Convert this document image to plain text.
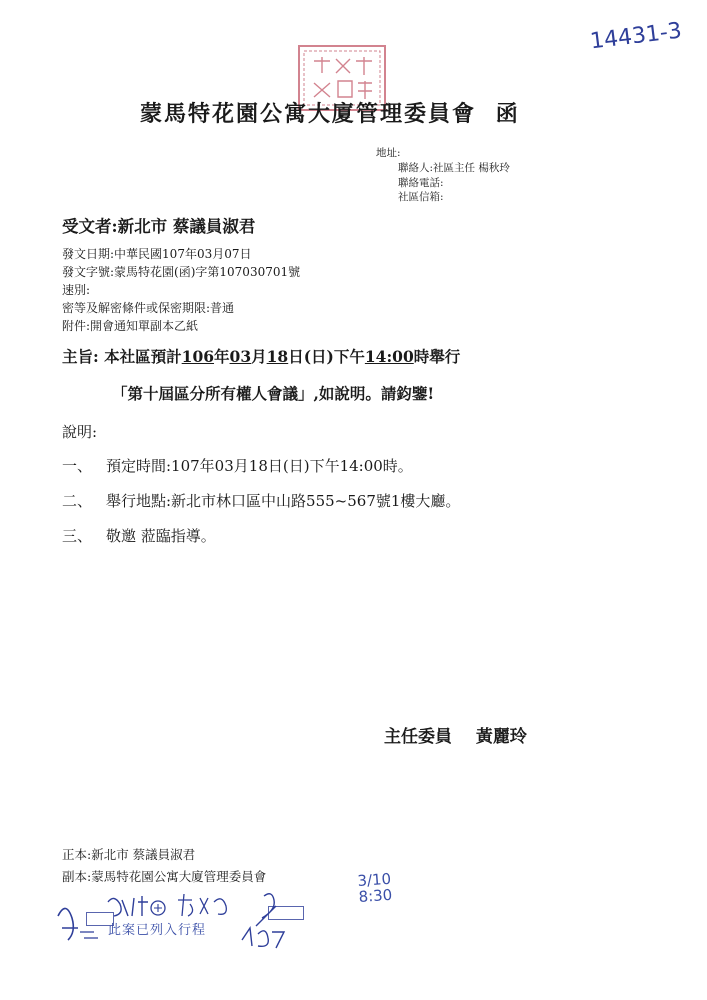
14431-3
蒙馬特花園公寓大廈管理委員會 函
地址:
聯絡人:社區主任 楊秋玲
聯絡電話:
社區信箱:
受文者:新北市 蔡議員淑君
發文日期:中華民國107年03月07日
發文字號:蒙馬特花園(函)字第107030701號
速別:
密等及解密條件或保密期限:普通
附件:開會通知單副本乙紙
主旨: 本社區預計106年03月18日(日)下午14:00時舉行
「第十屆區分所有權人會議」,如說明。請鈞鑒!
說明:
一、 預定時間:107年03月18日(日)下午14:00時。
二、 舉行地點:新北市林口區中山路555~567號1樓大廳。
三、 敬邀 蒞臨指導。
主任委員 黃麗玲
正本:新北市 蔡議員淑君
副本:蒙馬特花園公寓大廈管理委員會
此案已列入行程
3/10 8:30
